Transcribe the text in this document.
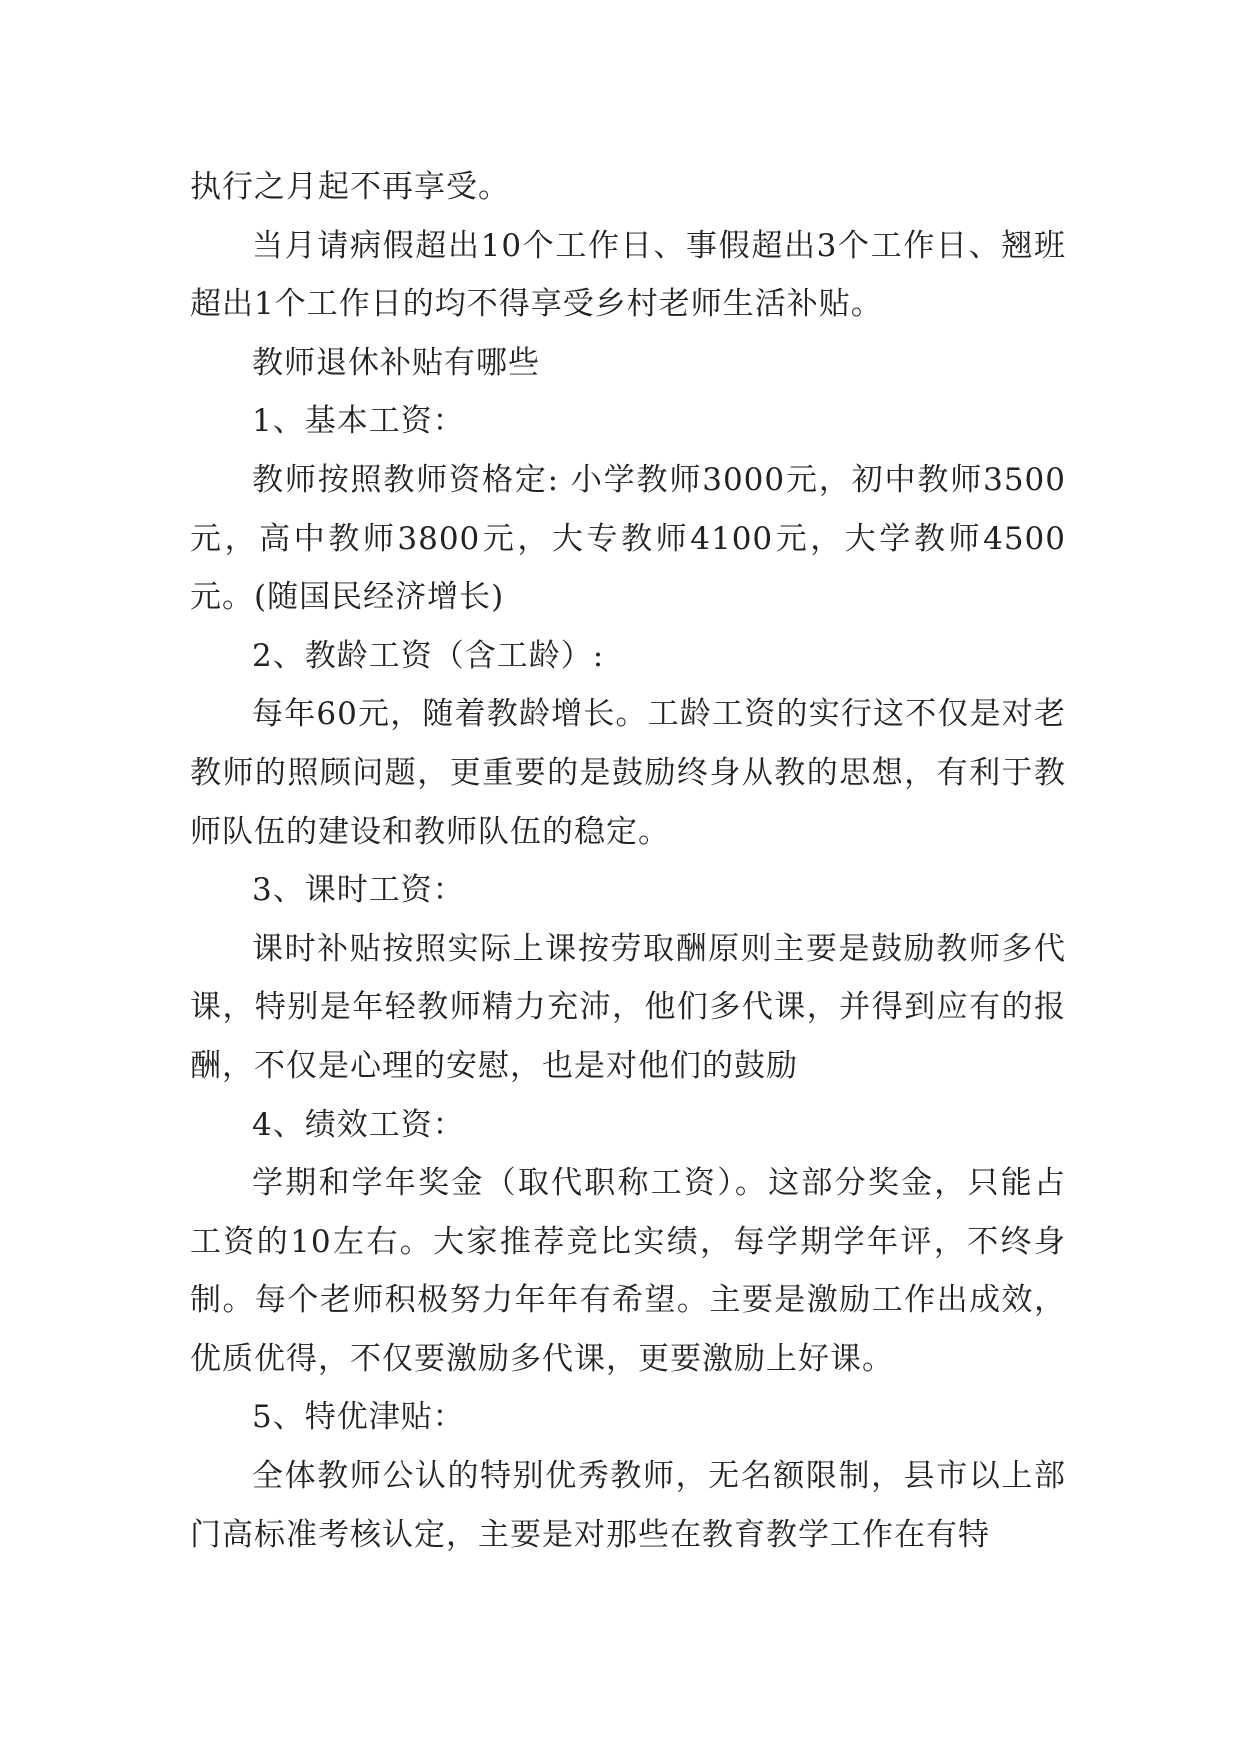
执行之月起不再享受。

当月请病假超出10个工作日、事假超出3个工作日、翘班超出1个工作日的均不得享受乡村老师生活补贴。

教师退休补贴有哪些

1、基本工资：

教师按照教师资格定: 小学教师3000元，初中教师3500元，高中教师3800元，大专教师4100元，大学教师4500元。(随国民经济增长)

2、教龄工资（含工龄）:

每年60元，随着教龄增长。工龄工资的实行这不仅是对老教师的照顾问题，更重要的是鼓励终身从教的思想，有利于教师队伍的建设和教师队伍的稳定。

3、课时工资：

课时补贴按照实际上课按劳取酬原则主要是鼓励教师多代课，特别是年轻教师精力充沛，他们多代课，并得到应有的报酬，不仅是心理的安慰，也是对他们的鼓励

4、绩效工资：

学期和学年奖金（取代职称工资）。这部分奖金，只能占工资的10左右。大家推荐竞比实绩，每学期学年评，不终身制。每个老师积极努力年年有希望。主要是激励工作出成效，优质优得，不仅要激励多代课，更要激励上好课。

5、特优津贴：

全体教师公认的特别优秀教师，无名额限制，县市以上部门高标准考核认定，主要是对那些在教育教学工作在有特
